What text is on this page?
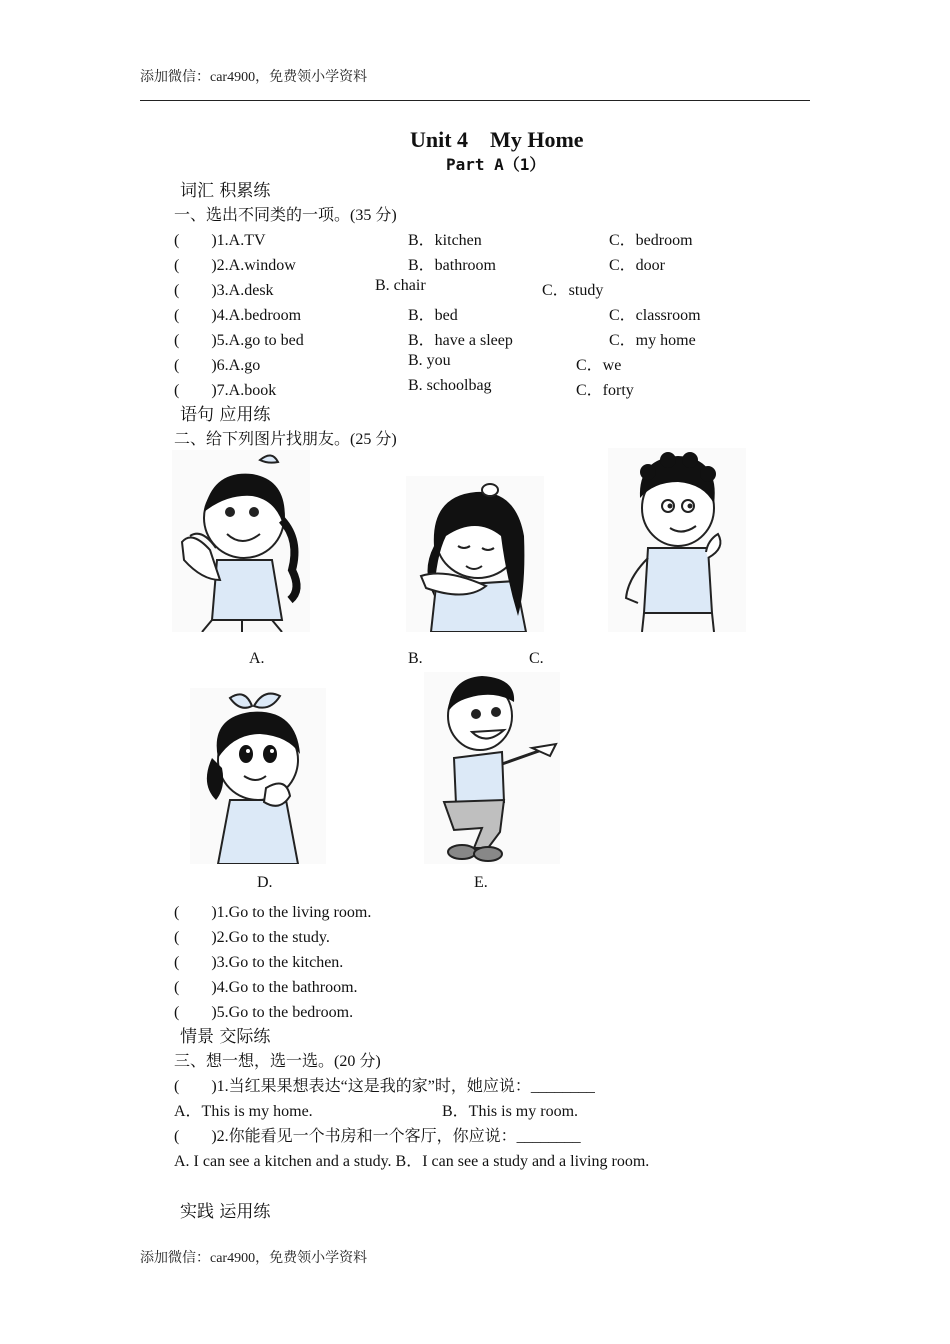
添加微信：car4900，免费领小学资料
Unit 4　My Home
Part A（1）
词汇 积累练
一、选出不同类的一项。(35 分)
(　　)1.A.TV	B．kitchen	C．bedroom
(　　)2.A.window	B．bathroom	C．door
(　　)3.A.desk	B. chair	C．study
(　　)4.A.bedroom	B．bed	C．classroom
(　　)5.A.go to bed	B．have a sleep	C．my home
(　　)6.A.go	B. you	C．we
(　　)7.A.book	B. schoolbag	C．forty
语句 应用练
二、给下列图片找朋友。(25 分)
A.	B.	C.
D.	E.
(　　)1.Go to the living room.
(　　)2.Go to the study.
(　　)3.Go to the kitchen.
(　　)4.Go to the bathroom.
(　　)5.Go to the bedroom.
情景 交际练
三、想一想，选一选。(20 分)
(　　)1.当红果果想表达“这是我的家”时，她应说：________
A．This is my home.	B．This is my room.
(　　)2.你能看见一个书房和一个客厅，你应说：________
A. I can see a kitchen and a study. B．I can see a study and a living room.
实践 运用练
添加微信：car4900，免费领小学资料
